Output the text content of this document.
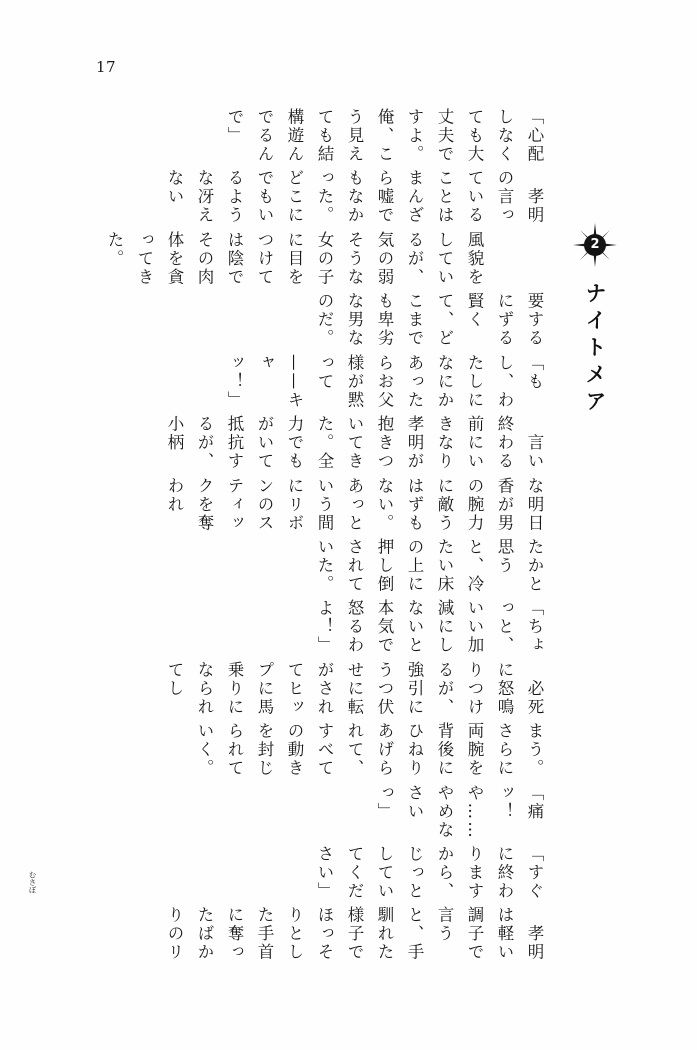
17
2
ナイトメア
「心配しなくても大丈夫ですよ。　俺、こう見えても結構遊んでるんで」
　孝明の言っていることはまんざら嘘でもなかった。どこにでもいるような冴えない

風貌をしているが、気の弱そうな女の子に目をつけては陰でその肉体を貪ってきた。

むさぼ

要するにずる賢くて、どこまでも卑劣な男なのだ。
「もし、わたしになにかあったらお父様が黙って——キャッ！」
　言い終わる前にいきなり孝明が抱きついてきた。全力でもがいて抵抗するが、小柄
な明日香が男の腕力に敵うはずもない。あっという間にリボンのスティックを奪われ
たかと思うと、冷たい床の上に押し倒されていた。
「ちょっと、いい加減にしないと本気で怒るわよ！」
　必死に怒鳴りつけるが、強引にうつ伏せに転がされてヒップに馬乗りになられてし
まう。さらに両腕を背後にひねりあげられて、すべての動きを封じられていく。
「痛ッ！　や……やめなさいっ」
「すぐに終わりますから、じっとしていてください」
　孝明は軽い調子で言うと、手馴れた様子でほっそりとした手首に奪ったばかりのリ
